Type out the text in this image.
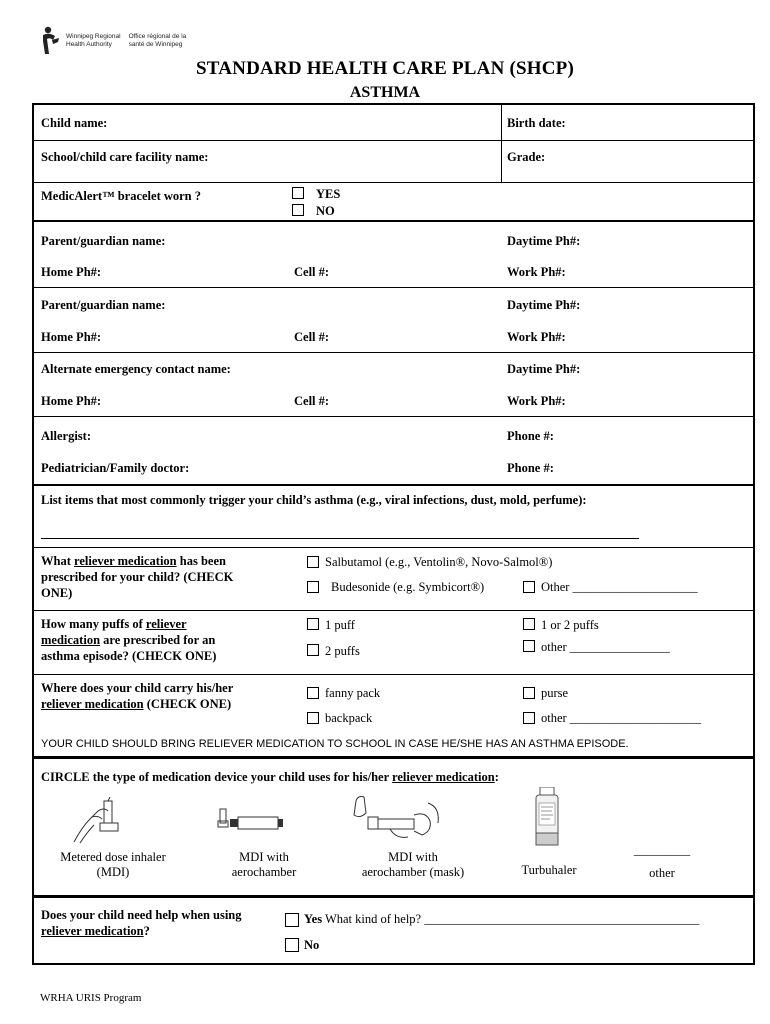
Winnipeg Regional
Health Authority
Office régional de la
santé de Winnipeg
STANDARD HEALTH CARE PLAN (SHCP)
ASTHMA
Child name:	Birth date:
School/child care facility name:	Grade:
MedicAlert™ bracelet worn ?	YES
NO
Parent/guardian name:	Daytime Ph#:
Home Ph#:	Cell #:	Work Ph#:
Parent/guardian name:	Daytime Ph#:
Home Ph#:	Cell #:	Work Ph#:
Alternate emergency contact name:	Daytime Ph#:
Home Ph#:	Cell #:	Work Ph#:
Allergist:	Phone #:
Pediatrician/Family doctor:	Phone #:
List items that most commonly trigger your child’s asthma (e.g., viral infections, dust, mold, perfume):
What reliever medication has been
prescribed for your child? (CHECK
ONE)
Salbutamol (e.g., Ventolin®, Novo-Salmol®)
Budesonide (e.g. Symbicort®)	Other ____________________
How many puffs of reliever
medication are prescribed for an
asthma episode? (CHECK ONE)
1 puff	1 or 2 puffs
2 puffs	other ________________
Where does your child carry his/her
reliever medication (CHECK ONE)
fanny pack	purse
backpack	other _____________________
YOUR CHILD SHOULD BRING RELIEVER MEDICATION TO SCHOOL IN CASE HE/SHE HAS AN ASTHMA EPISODE.
CIRCLE the type of medication device your child uses for his/her reliever medication:
Metered dose inhaler
(MDI)
MDI with
aerochamber
MDI with
aerochamber (mask)	Turbuhaler
_________
other
Does your child need help when using
reliever medication?
Yes What kind of help? ____________________________________________
No
WRHA URIS Program
